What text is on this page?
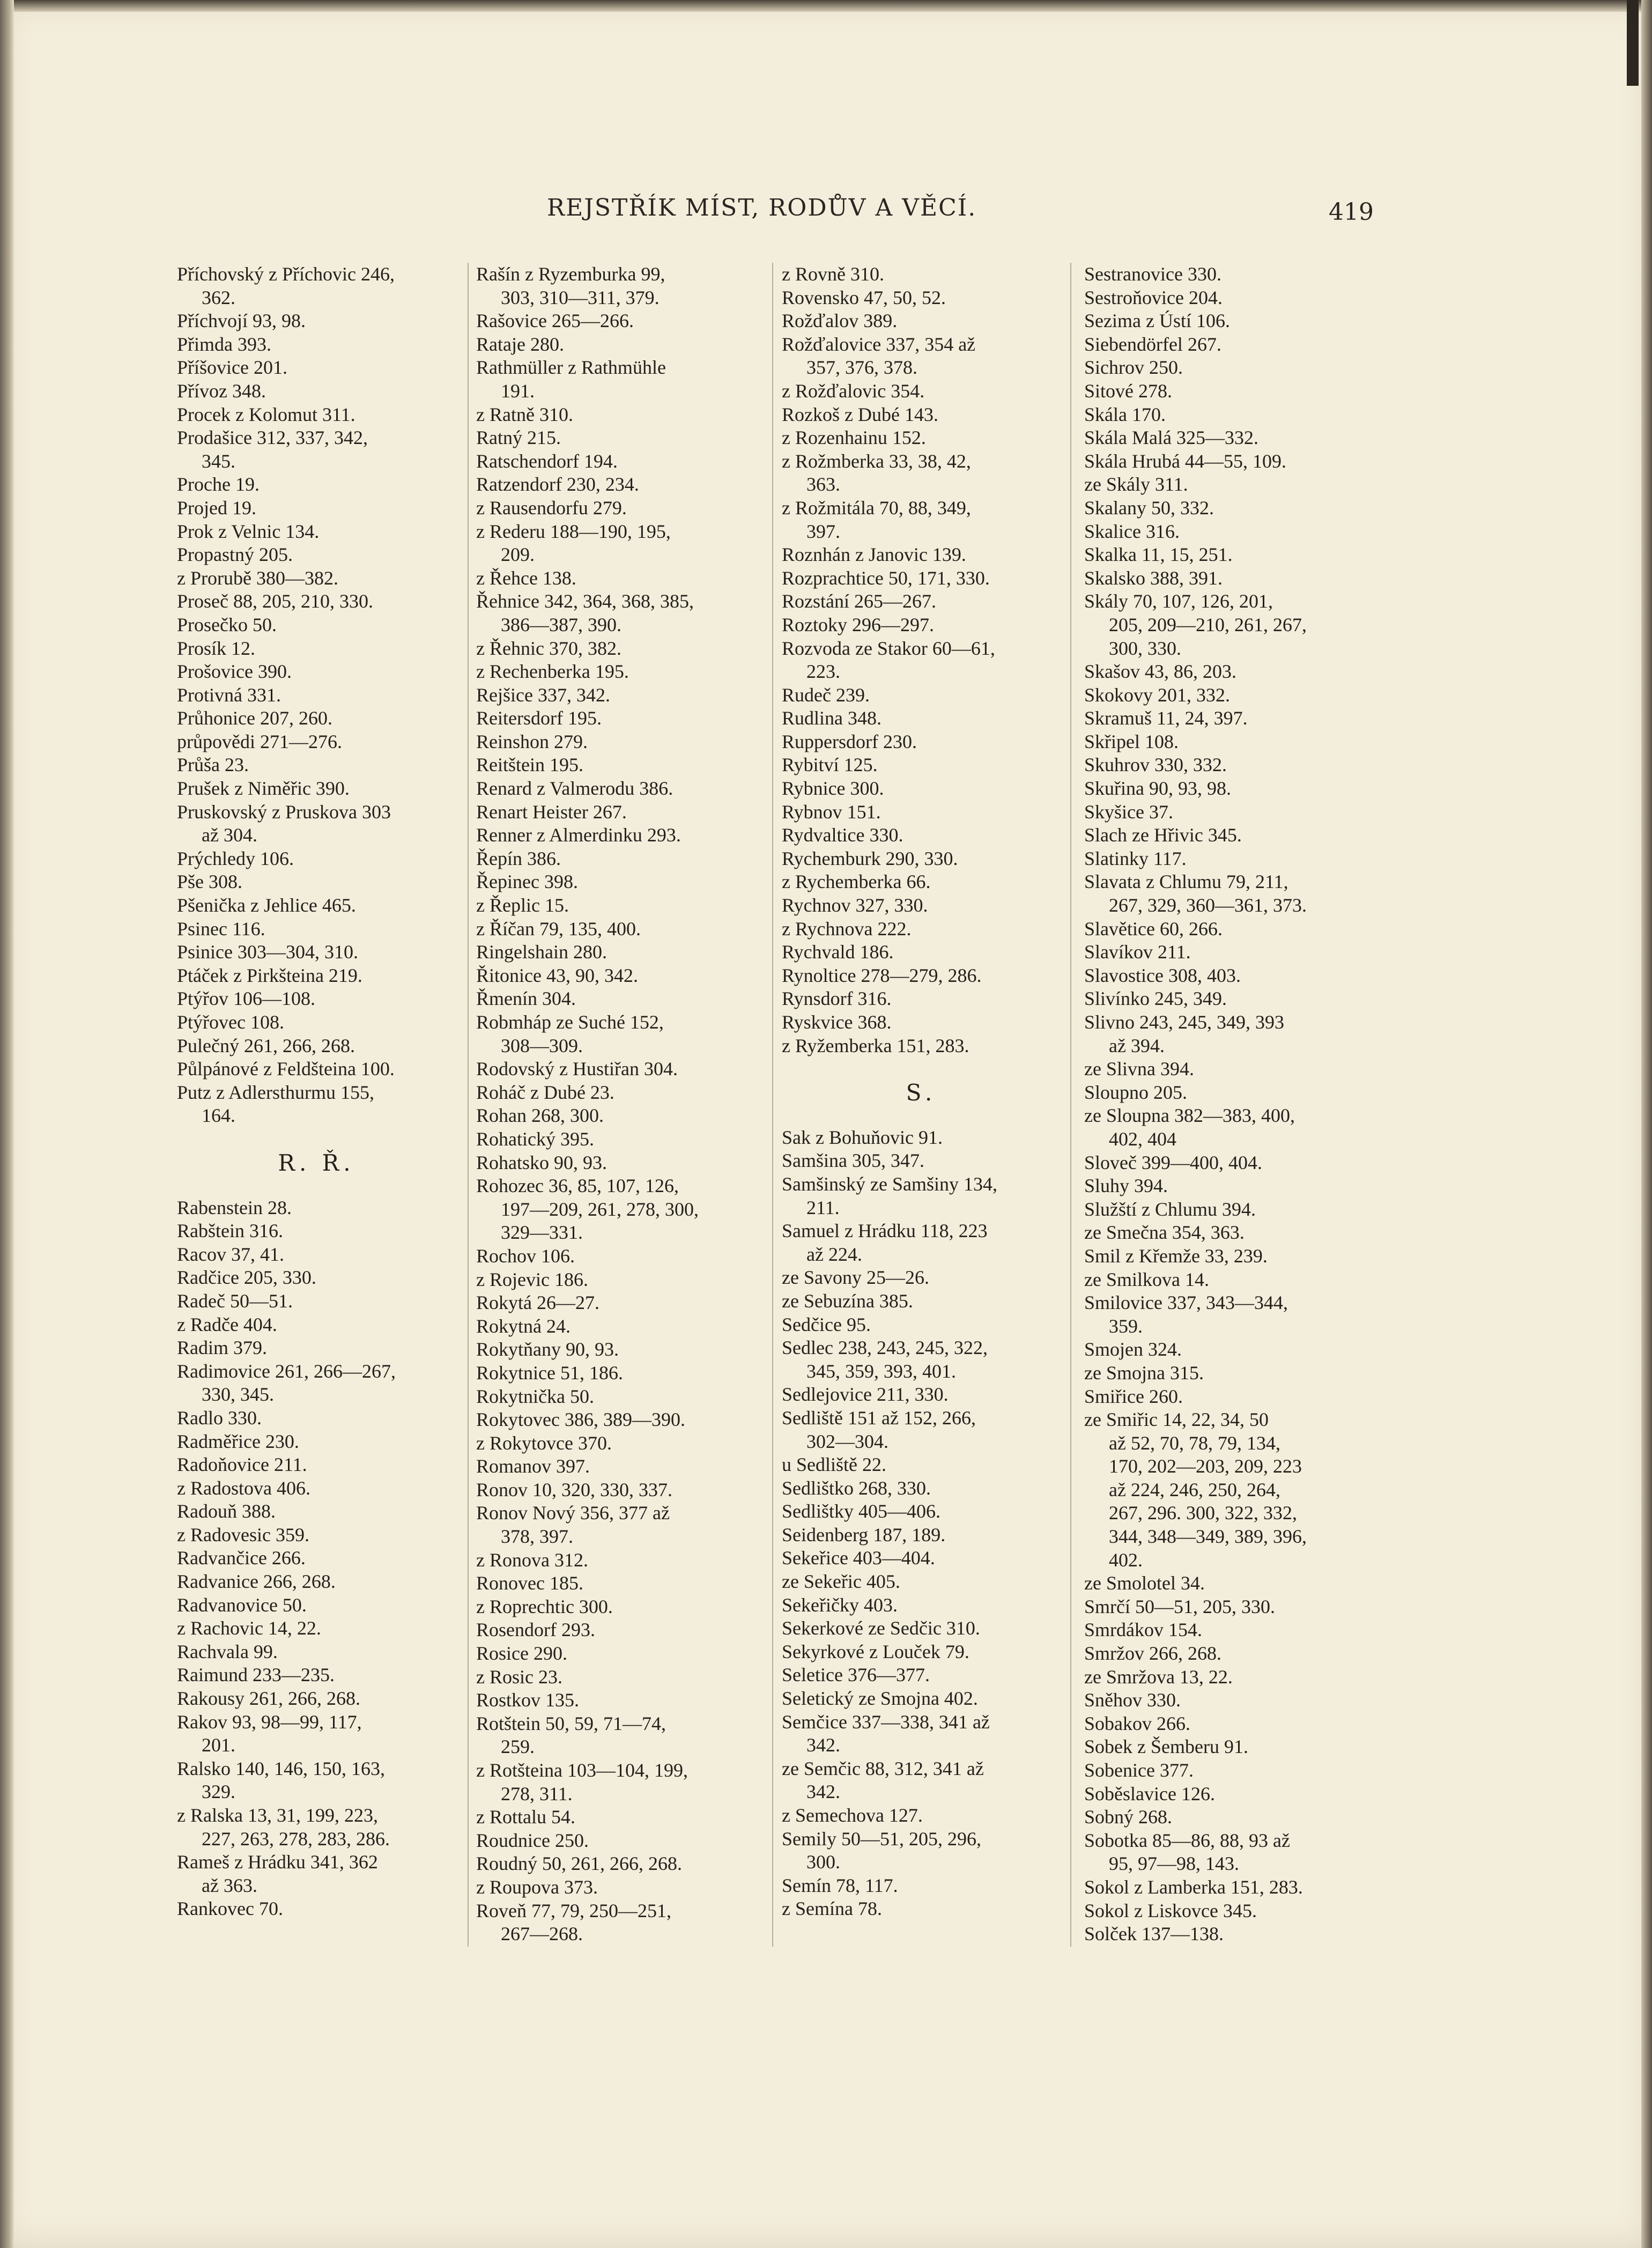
REJSTŘÍK MÍST, RODŮV A VĚCÍ.	419
Příchovský z Příchovic 246,
362.
Příchvojí 93, 98.
Přimda 393.
Příšovice 201.
Přívoz 348.
Procek z Kolomut 311.
Prodašice 312, 337, 342,
345.
Proche 19.
Projed 19.
Prok z Velnic 134.
Propastný 205.
z Prorubě 380—382.
Proseč 88, 205, 210, 330.
Prosečko 50.
Prosík 12.
Prošovice 390.
Protivná 331.
Průhonice 207, 260.
průpovědi 271—276.
Průša 23.
Prušek z Niměřic 390.
Pruskovský z Pruskova 303
až 304.
Prýchledy 106.
Pše 308.
Pšenička z Jehlice 465.
Psinec 116.
Psinice 303—304, 310.
Ptáček z Pirkšteina 219.
Ptýřov 106—108.
Ptýřovec 108.
Pulečný 261, 266, 268.
Půlpánové z Feldšteina 100.
Putz z Adlersthurmu 155,
164.
R. Ř.
Rabenstein 28.
Rabštein 316.
Racov 37, 41.
Radčice 205, 330.
Radeč 50—51.
z Radče 404.
Radim 379.
Radimovice 261, 266—267,
330, 345.
Radlo 330.
Radměřice 230.
Radoňovice 211.
z Radostova 406.
Radouň 388.
z Radovesic 359.
Radvančice 266.
Radvanice 266, 268.
Radvanovice 50.
z Rachovic 14, 22.
Rachvala 99.
Raimund 233—235.
Rakousy 261, 266, 268.
Rakov 93, 98—99, 117,
201.
Ralsko 140, 146, 150, 163,
329.
z Ralska 13, 31, 199, 223,
227, 263, 278, 283, 286.
Rameš z Hrádku 341, 362
až 363.
Rankovec 70.
Rašín z Ryzemburka 99,
303, 310—311, 379.
Rašovice 265—266.
Rataje 280.
Rathmüller z Rathmühle
191.
z Ratně 310.
Ratný 215.
Ratschendorf 194.
Ratzendorf 230, 234.
z Rausendorfu 279.
z Rederu 188—190, 195,
209.
z Řehce 138.
Řehnice 342, 364, 368, 385,
386—387, 390.
z Řehnic 370, 382.
z Rechenberka 195.
Rejšice 337, 342.
Reitersdorf 195.
Reinshon 279.
Reitštein 195.
Renard z Valmerodu 386.
Renart Heister 267.
Renner z Almerdinku 293.
Řepín 386.
Řepinec 398.
z Řeplic 15.
z Říčan 79, 135, 400.
Ringelshain 280.
Řitonice 43, 90, 342.
Řmenín 304.
Robmháp ze Suché 152,
308—309.
Rodovský z Hustiřan 304.
Roháč z Dubé 23.
Rohan 268, 300.
Rohatický 395.
Rohatsko 90, 93.
Rohozec 36, 85, 107, 126,
197—209, 261, 278, 300,
329—331.
Rochov 106.
z Rojevic 186.
Rokytá 26—27.
Rokytná 24.
Rokytňany 90, 93.
Rokytnice 51, 186.
Rokytnička 50.
Rokytovec 386, 389—390.
z Rokytovce 370.
Romanov 397.
Ronov 10, 320, 330, 337.
Ronov Nový 356, 377 až
378, 397.
z Ronova 312.
Ronovec 185.
z Roprechtic 300.
Rosendorf 293.
Rosice 290.
z Rosic 23.
Rostkov 135.
Rotštein 50, 59, 71—74,
259.
z Rotšteina 103—104, 199,
278, 311.
z Rottalu 54.
Roudnice 250.
Roudný 50, 261, 266, 268.
z Roupova 373.
Roveň 77, 79, 250—251,
267—268.
z Rovně 310.
Rovensko 47, 50, 52.
Rožďalov 389.
Rožďalovice 337, 354 až
357, 376, 378.
z Rožďalovic 354.
Rozkoš z Dubé 143.
z Rozenhainu 152.
z Rožmberka 33, 38, 42,
363.
z Rožmitála 70, 88, 349,
397.
Roznhán z Janovic 139.
Rozprachtice 50, 171, 330.
Rozstání 265—267.
Roztoky 296—297.
Rozvoda ze Stakor 60—61,
223.
Rudeč 239.
Rudlina 348.
Ruppersdorf 230.
Rybitví 125.
Rybnice 300.
Rybnov 151.
Rydvaltice 330.
Rychemburk 290, 330.
z Rychemberka 66.
Rychnov 327, 330.
z Rychnova 222.
Rychvald 186.
Rynoltice 278—279, 286.
Rynsdorf 316.
Ryskvice 368.
z Ryžemberka 151, 283.
S.
Sak z Bohuňovic 91.
Samšina 305, 347.
Samšinský ze Samšiny 134,
211.
Samuel z Hrádku 118, 223
až 224.
ze Savony 25—26.
ze Sebuzína 385.
Sedčice 95.
Sedlec 238, 243, 245, 322,
345, 359, 393, 401.
Sedlejovice 211, 330.
Sedliště 151 až 152, 266,
302—304.
u Sedliště 22.
Sedlištko 268, 330.
Sedlištky 405—406.
Seidenberg 187, 189.
Sekeřice 403—404.
ze Sekeřic 405.
Sekeřičky 403.
Sekerkové ze Sedčic 310.
Sekyrkové z Louček 79.
Seletice 376—377.
Seletický ze Smojna 402.
Semčice 337—338, 341 až
342.
ze Semčic 88, 312, 341 až
342.
z Semechova 127.
Semily 50—51, 205, 296,
300.
Semín 78, 117.
z Semína 78.
Sestranovice 330.
Sestroňovice 204.
Sezima z Ústí 106.
Siebendörfel 267.
Sichrov 250.
Sitové 278.
Skála 170.
Skála Malá 325—332.
Skála Hrubá 44—55, 109.
ze Skály 311.
Skalany 50, 332.
Skalice 316.
Skalka 11, 15, 251.
Skalsko 388, 391.
Skály 70, 107, 126, 201,
205, 209—210, 261, 267,
300, 330.
Skašov 43, 86, 203.
Skokovy 201, 332.
Skramuš 11, 24, 397.
Skřipel 108.
Skuhrov 330, 332.
Skuřina 90, 93, 98.
Skyšice 37.
Slach ze Hřivic 345.
Slatinky 117.
Slavata z Chlumu 79, 211,
267, 329, 360—361, 373.
Slavětice 60, 266.
Slavíkov 211.
Slavostice 308, 403.
Slivínko 245, 349.
Slivno 243, 245, 349, 393
až 394.
ze Slivna 394.
Sloupno 205.
ze Sloupna 382—383, 400,
402, 404
Sloveč 399—400, 404.
Sluhy 394.
Služští z Chlumu 394.
ze Smečna 354, 363.
Smil z Křemže 33, 239.
ze Smilkova 14.
Smilovice 337, 343—344,
359.
Smojen 324.
ze Smojna 315.
Smiřice 260.
ze Smiřic 14, 22, 34, 50
až 52, 70, 78, 79, 134,
170, 202—203, 209, 223
až 224, 246, 250, 264,
267, 296. 300, 322, 332,
344, 348—349, 389, 396,
402.
ze Smolotel 34.
Smrčí 50—51, 205, 330.
Smrdákov 154.
Smržov 266, 268.
ze Smržova 13, 22.
Sněhov 330.
Sobakov 266.
Sobek z Šemberu 91.
Sobenice 377.
Soběslavice 126.
Sobný 268.
Sobotka 85—86, 88, 93 až
95, 97—98, 143.
Sokol z Lamberka 151, 283.
Sokol z Liskovce 345.
Solček 137—138.
